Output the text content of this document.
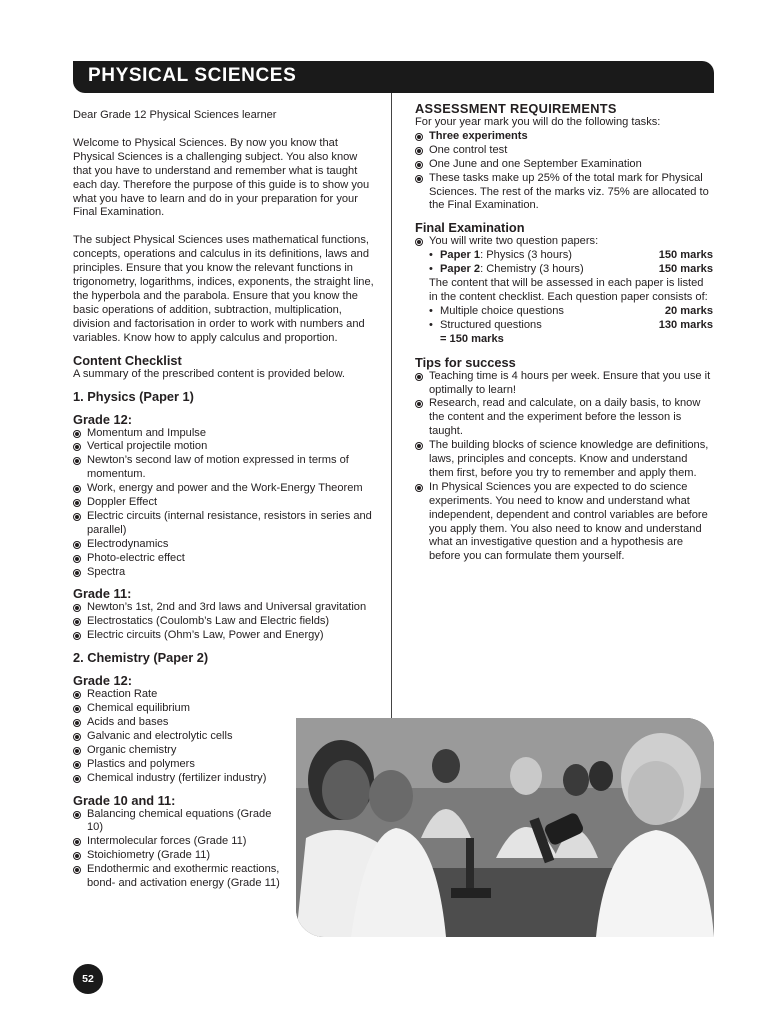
PHYSICAL SCIENCES

Dear Grade 12 Physical Sciences learner

Welcome to Physical Sciences. By now you know that Physical Sciences is a challenging subject. You also know that you have to understand and remember what is taught each day. Therefore the purpose of this guide is to show you what you have to learn and do in your preparation for your Final Examination.

The subject Physical Sciences uses mathematical functions, concepts, operations and calculus in its definitions, laws and principles. Ensure that you know the relevant functions in trigonometry, logarithms, indices, exponents, the straight line, the hyperbola and the parabola. Ensure that you know the basic operations of addition, subtraction, multiplication, division and factorisation in order to work with numbers and variables. Know how to apply calculus and proportion.

Content Checklist

A summary of the prescribed content is provided below.

1. Physics (Paper 1)
Grade 12:
Momentum and Impulse
Vertical projectile motion
Newton’s second law of motion expressed in terms of momentum.
Work, energy and power and the Work-Energy Theorem
Doppler Effect
Electric circuits (internal resistance, resistors in series and parallel)
Electrodynamics
Photo-electric effect
Spectra
Grade 11:
Newton’s 1st, 2nd and 3rd laws and Universal gravitation
Electrostatics (Coulomb’s Law and Electric fields)
Electric circuits (Ohm’s Law, Power and Energy)
2. Chemistry (Paper 2)
Grade 12:
Reaction Rate
Chemical equilibrium
Acids and bases
Galvanic and electrolytic cells
Organic chemistry
Plastics and polymers
Chemical industry (fertilizer industry)
Grade 10 and 11:
Balancing chemical equations (Grade 10)
Intermolecular forces (Grade 11)
Stoichiometry (Grade 11)
Endothermic and exothermic reactions, bond- and activation energy (Grade 11)
ASSESSMENT REQUIREMENTS

For your year mark you will do the following tasks:

Three experiments
One control test
One June and one September Examination
These tasks make up 25% of the total mark for Physical Sciences. The rest of the marks viz. 75% are allocated to the Final Examination.
Final Examination
You will write two question papers:
• Paper 1: Physics (3 hours)	150 marks
• Paper 2: Chemistry (3 hours)	150 marks

The content that will be assessed in each paper is listed in the content checklist. Each question paper consists of:

• Multiple choice questions	20 marks
• Structured questions	130 marks

= 150 marks

Tips for success
Teaching time is 4 hours per week. Ensure that you use it optimally to learn!
Research, read and calculate, on a daily basis, to know the content and the experiment before the lesson is taught.
The building blocks of science knowledge are definitions, laws, principles and concepts. Know and understand them first, before you try to remember and apply them.
In Physical Sciences you are expected to do science experiments. You need to know and understand what independent, dependent and control variables are before you apply them. You also need to know and understand what an investigative question and a hypothesis are before you can formulate them yourself.
52
